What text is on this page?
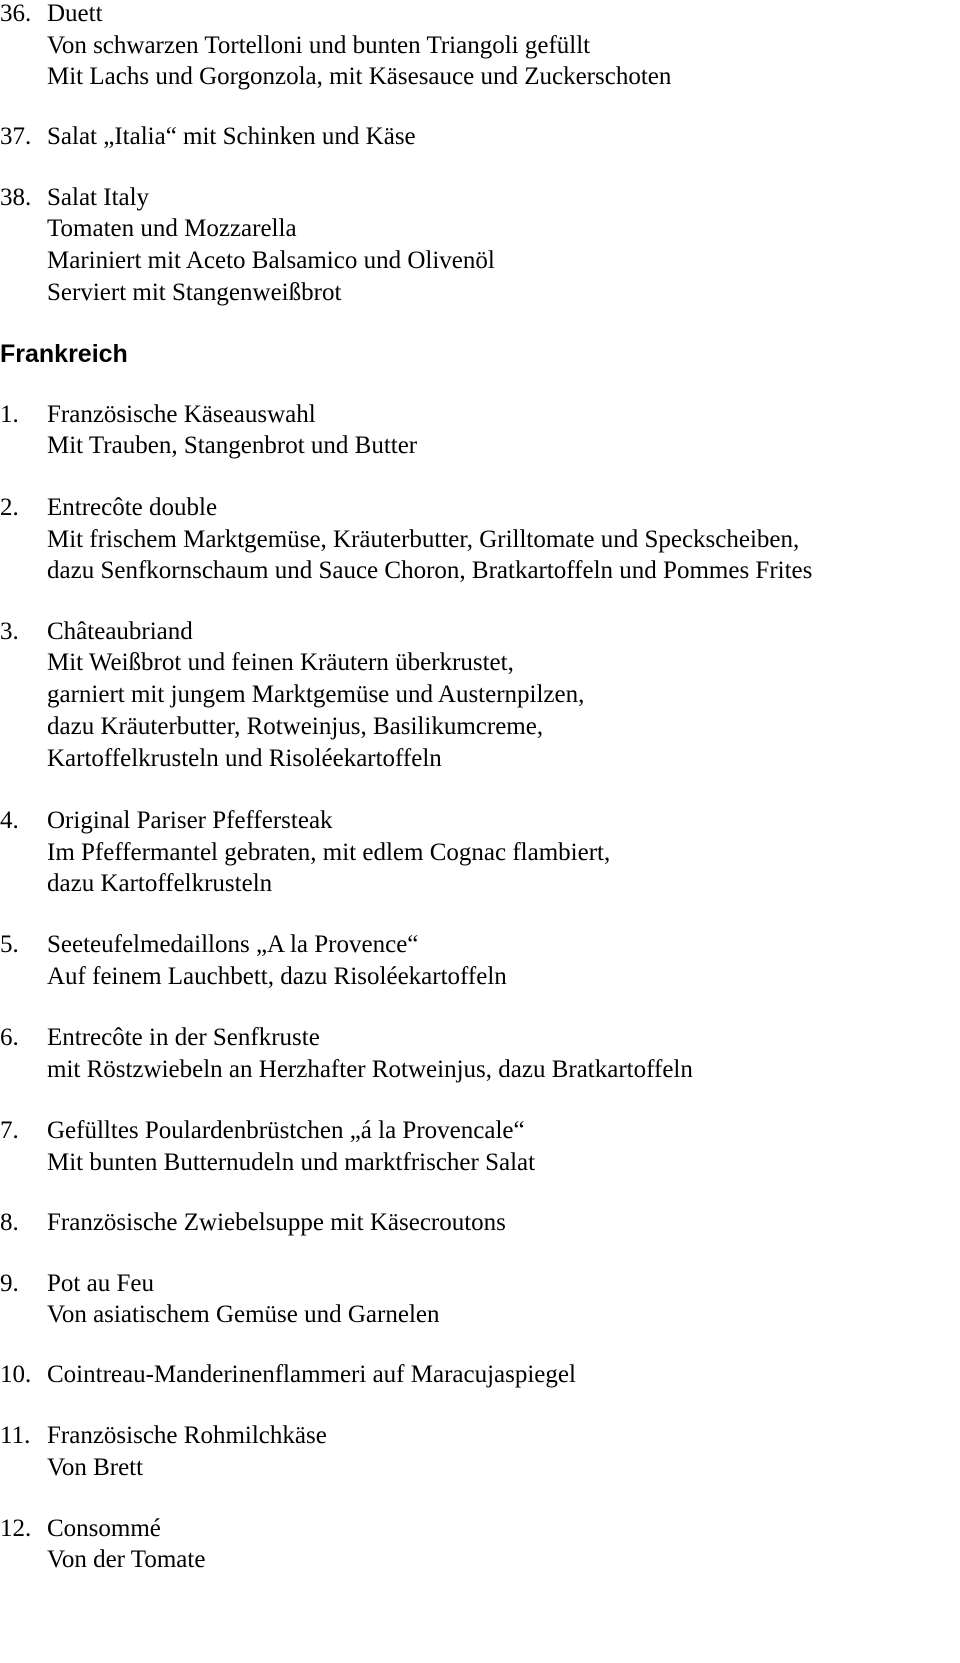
36. Duett
Von schwarzen Tortelloni und bunten Triangoli gefüllt
Mit Lachs und Gorgonzola, mit Käsesauce und Zuckerschoten
37. Salat „Italia“ mit Schinken und Käse
38. Salat Italy
Tomaten und Mozzarella
Mariniert mit Aceto Balsamico und Olivenöl
Serviert mit Stangenweißbrot
Frankreich
1. Französische Käseauswahl
Mit Trauben, Stangenbrot und Butter
2. Entrecôte double
Mit frischem Marktgemüse, Kräuterbutter, Grilltomate und Speckscheiben,
dazu Senfkornschaum und Sauce Choron, Bratkartoffeln und Pommes Frites
3. Châteaubriand
Mit Weißbrot und feinen Kräutern überkrustet,
garniert mit jungem Marktgemüse und Austernpilzen,
dazu Kräuterbutter, Rotweinjus, Basilikumcreme,
Kartoffelkrusteln und Risoléekartoffeln
4. Original Pariser Pfeffersteak
Im Pfeffermantel gebraten, mit edlem Cognac flambiert,
dazu Kartoffelkrusteln
5. Seeteufelmedaillons „A la Provence“
Auf feinem Lauchbett, dazu Risoléekartoffeln
6. Entrecôte in der Senfkruste
mit Röstzwiebeln an Herzhafter Rotweinjus, dazu Bratkartoffeln
7. Gefülltes Poulardenbrüstchen „á la Provencale“
Mit bunten Butternudeln und marktfrischer Salat
8. Französische Zwiebelsuppe mit Käsecroutons
9. Pot au Feu
Von asiatischem Gemüse und Garnelen
10. Cointreau-Manderinenflammeri auf Maracujaspiegel
11. Französische Rohmilchkäse
Von Brett
12. Consommé
Von der Tomate
